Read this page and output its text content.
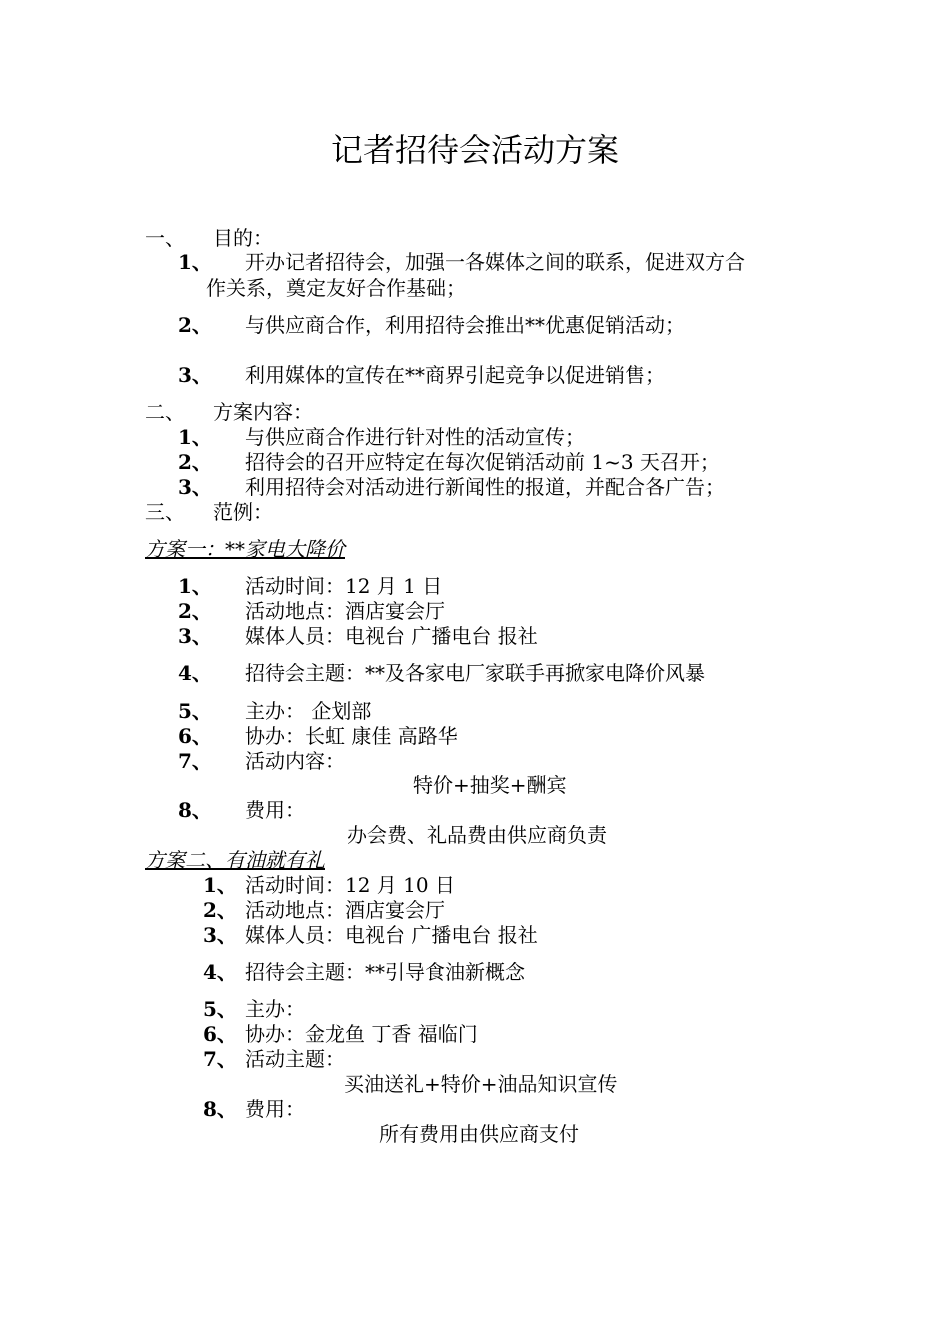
记者招待会活动方案
一、 目的：
1、 开办记者招待会，加强一各媒体之间的联系，促进双方合
作关系，奠定友好合作基础；
2、 与供应商合作，利用招待会推出**优惠促销活动；
3、 利用媒体的宣传在**商界引起竞争以促进销售；
二、 方案内容：
1、 与供应商合作进行针对性的活动宣传；
2、 招待会的召开应特定在每次促销活动前 1~3 天召开；
3、 利用招待会对活动进行新闻性的报道，并配合各广告；
三、 范例：
方案一：**家电大降价
1、 活动时间：12 月 1 日
2、 活动地点：酒店宴会厅
3、 媒体人员：电视台 广播电台 报社
4、 招待会主题：**及各家电厂家联手再掀家电降价风暴
5、 主办： 企划部
6、 协办：长虹 康佳 高路华
7、 活动内容：
特价+抽奖+酬宾
8、 费用：
办会费、礼品费由供应商负责
方案二、有油就有礼
1、 活动时间：12 月 10 日
2、 活动地点：酒店宴会厅
3、 媒体人员：电视台 广播电台 报社
4、 招待会主题：**引导食油新概念
5、 主办：
6、 协办：金龙鱼 丁香 福临门
7、 活动主题：
买油送礼+特价+油品知识宣传
8、 费用：
所有费用由供应商支付
